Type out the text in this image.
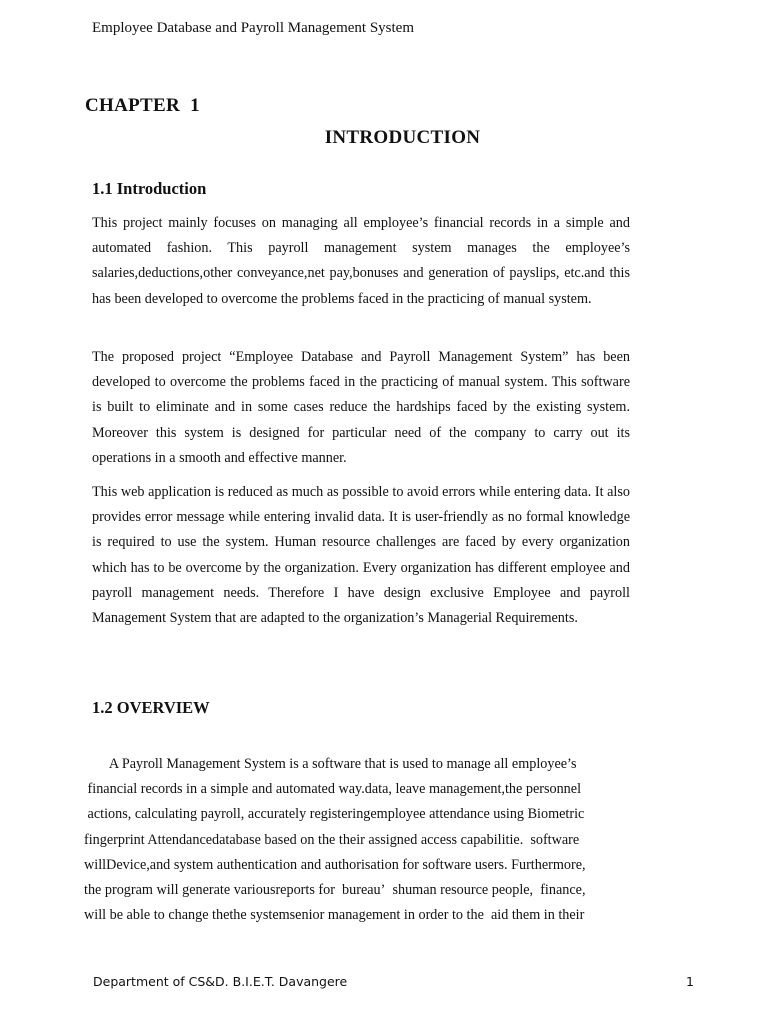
Employee Database and Payroll Management System
CHAPTER  1
INTRODUCTION
1.1 Introduction

This project mainly focuses on managing all employee’s financial records in a simple and automated fashion. This payroll management system manages the employee’s salaries,deductions,other conveyance,net pay,bonuses and generation of payslips, etc.and this has been developed to overcome the problems faced in the practicing of manual system.

The proposed project “Employee Database and Payroll Management System” has been developed to overcome the problems faced in the practicing of manual system. This software is built to eliminate and in some cases reduce the hardships faced by the existing system. Moreover this system is designed for particular need of the company to carry out its operations in a smooth and effective manner.

This web application is reduced as much as possible to avoid errors while entering data. It also provides error message while entering invalid data. It is user-friendly as no formal knowledge is required to use the system. Human resource challenges are faced by every organization which has to be overcome by the organization. Every organization has different employee and payroll management needs. Therefore I have design exclusive Employee and payroll Management System that are adapted to the organization’s Managerial Requirements.

1.2 OVERVIEW
A Payroll Management System is a software that is used to manage all employee’s
financial records in a simple and automated way.data, leave management,the personnel
actions, calculating payroll, accurately registeringemployee attendance using Biometric
fingerprint Attendancedatabase based on the their assigned access capabilitie.  software
willDevice,and system authentication and authorisation for software users. Furthermore,
the program will generate variousreports for  bureau’  shuman resource people,  finance,
will be able to change thethe systemsenior management in order to the  aid them in their
Department of CS&D. B.I.E.T. Davangere	1
